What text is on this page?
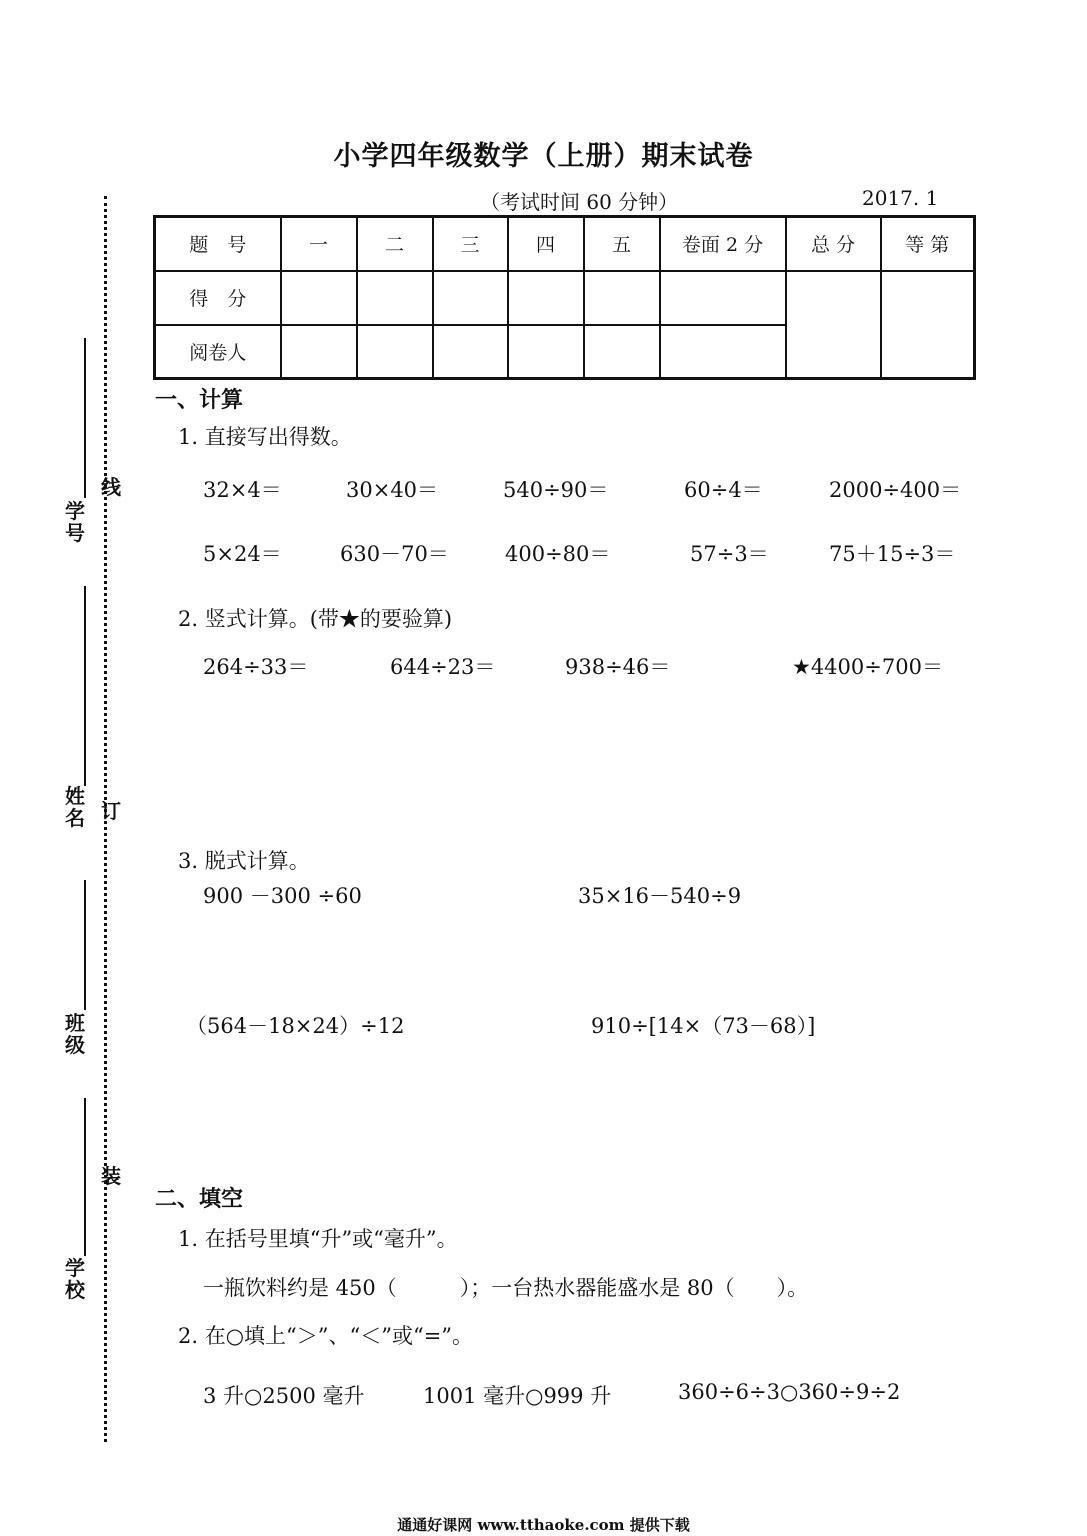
小学四年级数学（上册）期末试卷
（考试时间 60 分钟）	2017. 1
题　号	一	二	三	四	五	卷面 2 分	总 分	等 第
得　分								
阅卷人								
学号
姓名
班级
学校
线
订
装
一、计算
1. 直接写出得数。
32×4＝	30×40＝	540÷90＝	60÷4＝	2000÷400＝
5×24＝	630－70＝	400÷80＝	57÷3＝	75＋15÷3＝
2. 竖式计算。(带★的要验算)
264÷33＝	644÷23＝	938÷46＝	★4400÷700＝
3. 脱式计算。
900 －300 ÷60	35×16－540÷9
（564－18×24）÷12	910÷[14×（73－68）]
二、填空
1. 在括号里填“升”或“毫升”。
一瓶饮料约是 450（　　　）；一台热水器能盛水是 80（　　）。
2. 在○填上“＞”、“＜”或“=”。
3 升○2500 毫升	1001 毫升○999 升	360÷6÷3○360÷9÷2
通通好课网 www.tthaoke.com 提供下载
